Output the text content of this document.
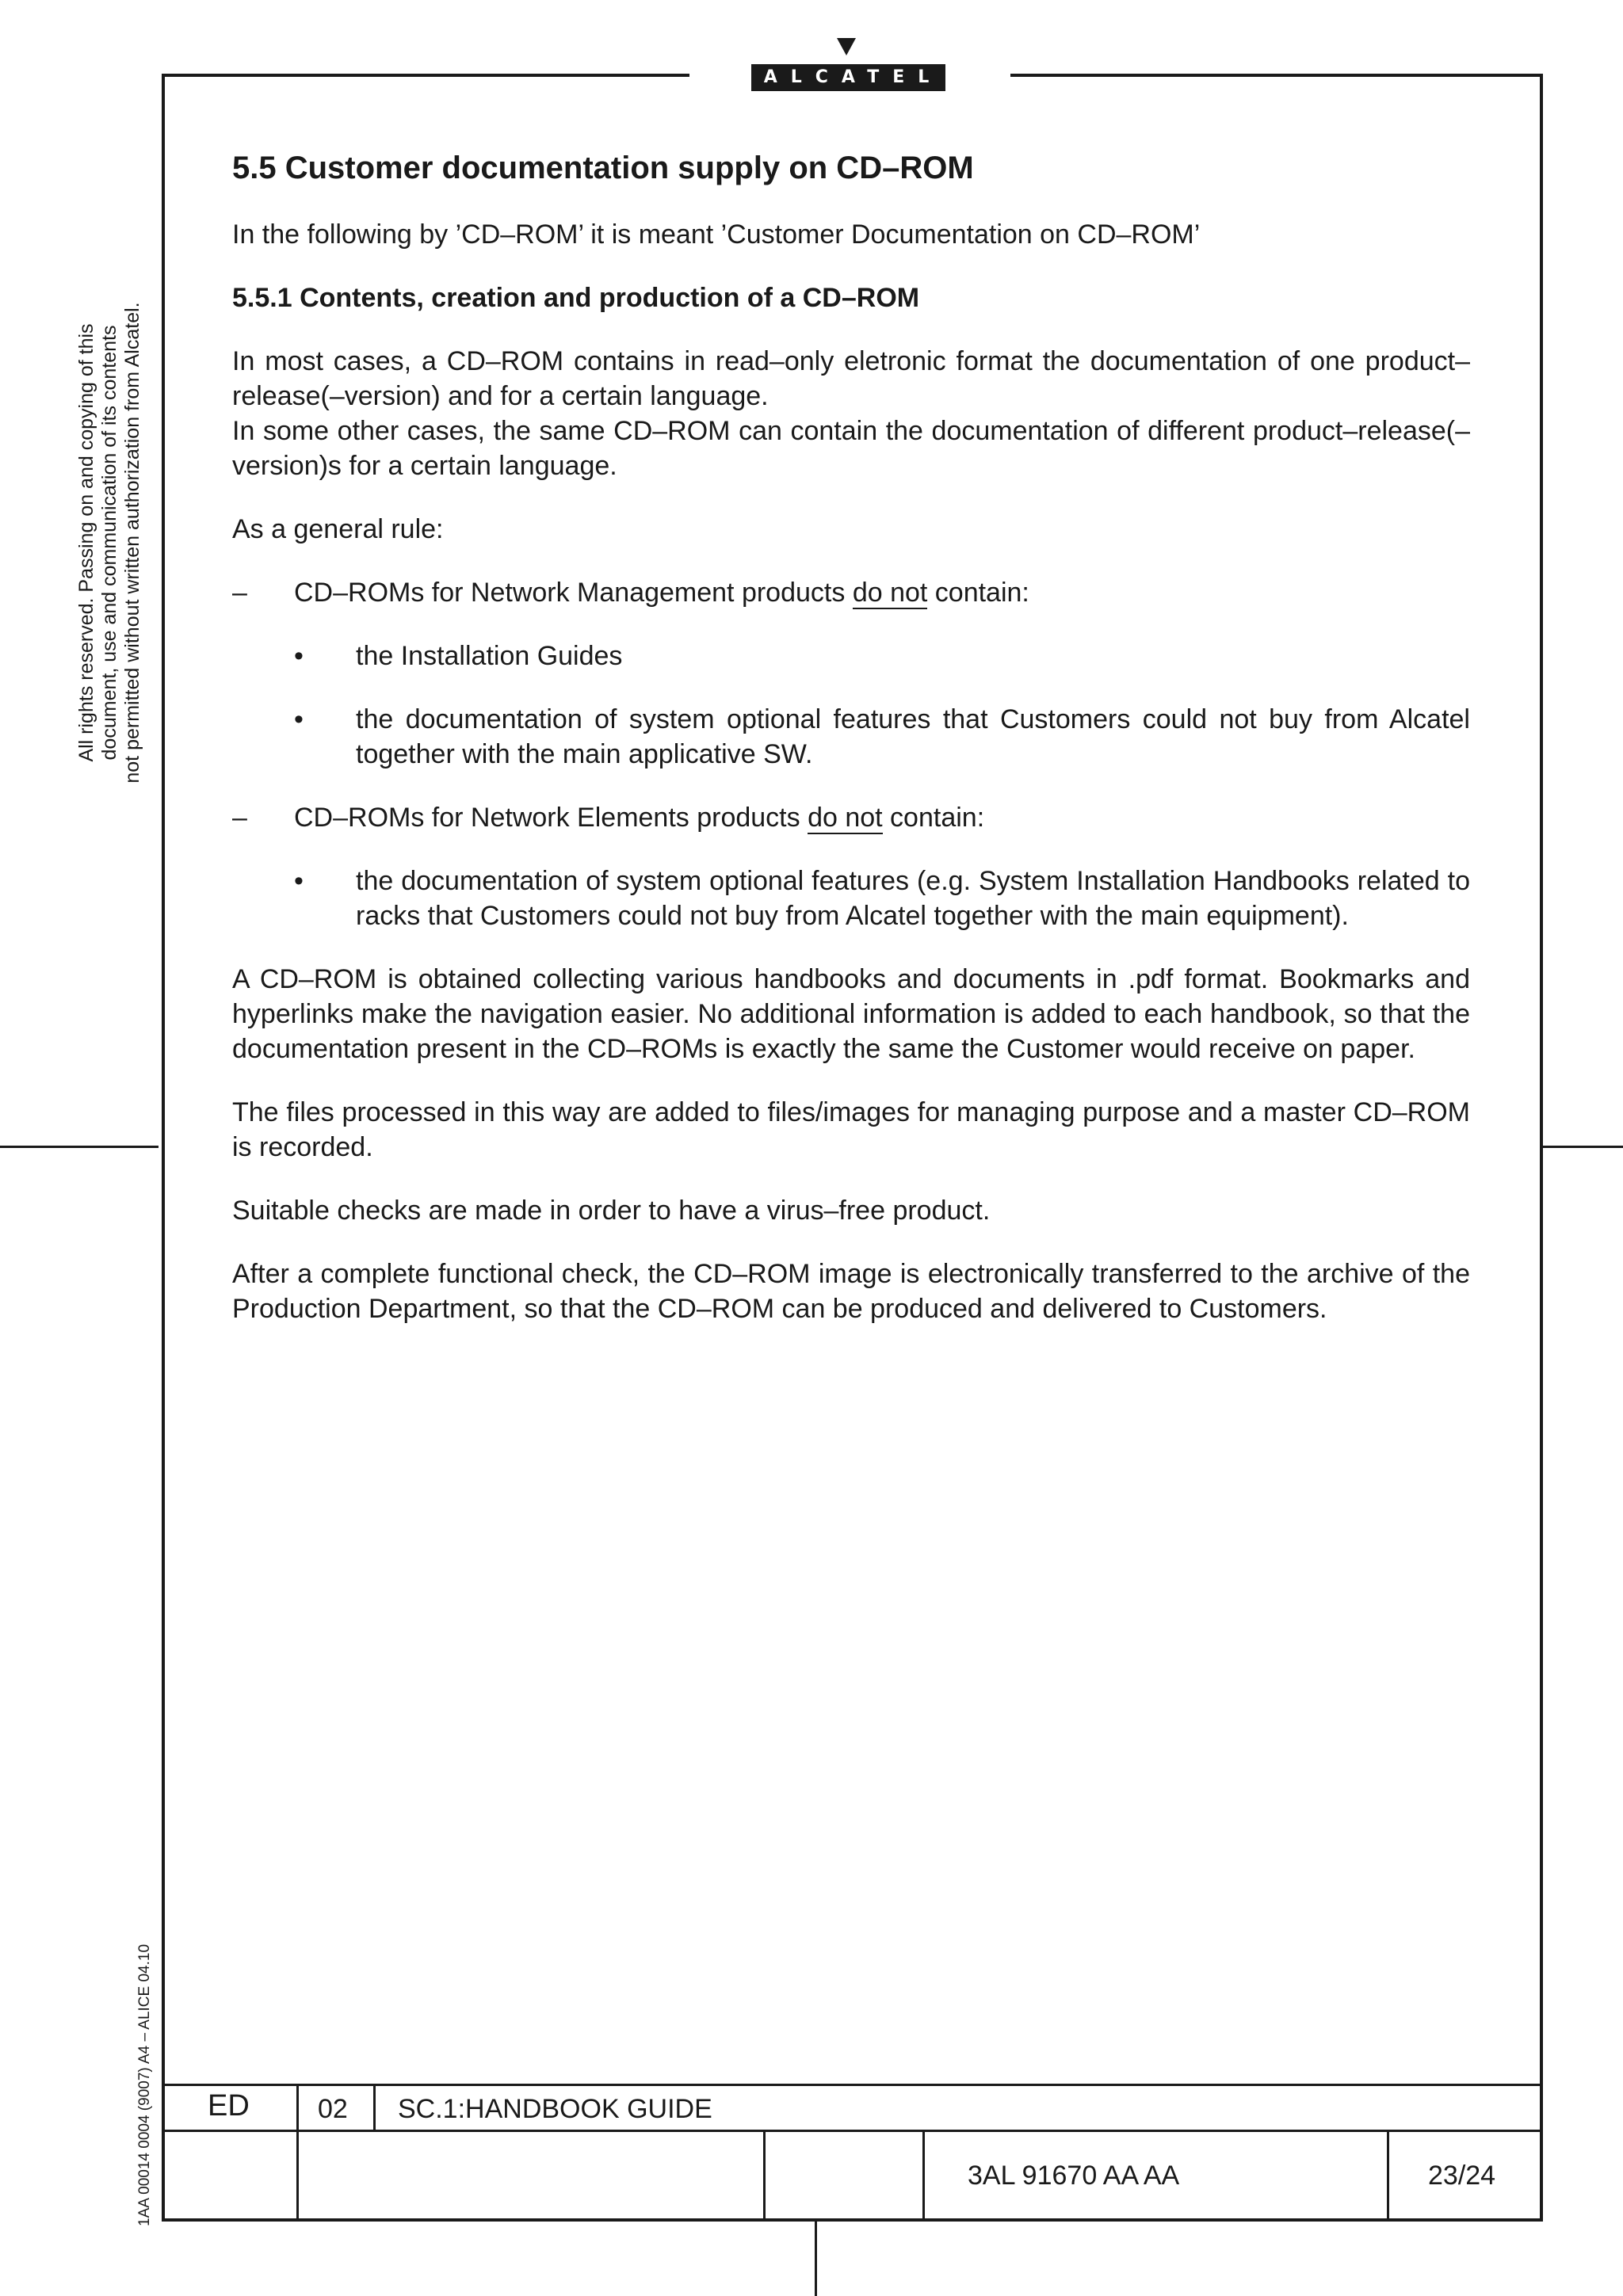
ALCATEL
All rights reserved. Passing on and copying of this document, use and communication of its contents not permitted without written authorization from Alcatel.
1AA 00014 0004 (9007) A4 – ALICE 04.10
5.5 Customer documentation supply on CD–ROM

In the following by ’CD–ROM’ it is meant ’Customer Documentation on CD–ROM’

5.5.1 Contents, creation and production of a CD–ROM

In most cases, a CD–ROM contains in read–only eletronic format the documentation of one product–release(–version) and for a certain language.

In some other cases, the same CD–ROM can contain the documentation of different product–release(–version)s for a certain language.

As a general rule:

– CD–ROMs for Network Management products do not contain:
• the Installation Guides
• the documentation of system optional features that Customers could not buy from Alcatel together with the main applicative SW.
– CD–ROMs for Network Elements products do not contain:
• the documentation of system optional features (e.g. System Installation Handbooks related to racks that Customers could not buy from Alcatel together with the main equipment).

A CD–ROM is obtained collecting various handbooks and documents in .pdf format. Bookmarks and hyperlinks make the navigation easier. No additional information is added to each handbook, so that the documentation present in the CD–ROMs is exactly the same the Customer would receive on paper.

The files processed in this way are added to files/images for managing purpose and a master CD–ROM is recorded.

Suitable checks are made in order to have a virus–free product.

After a complete functional check, the CD–ROM image is electronically transferred to the archive of the Production Department, so that the CD–ROM can be produced and delivered to Customers.

ED	02 SC.1:HANDBOOK GUIDE
3AL 91670 AA AA	23/24
